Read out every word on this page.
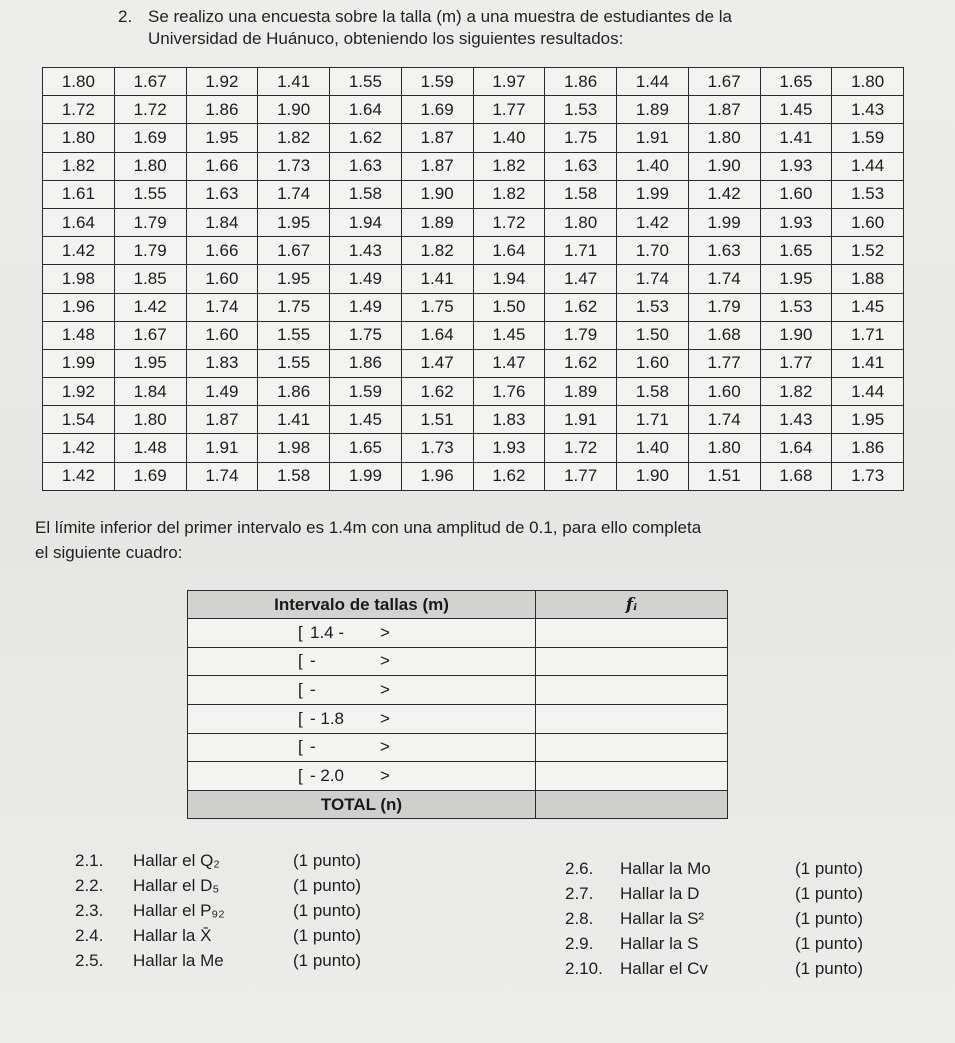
2. Se realizo una encuesta sobre la talla (m) a una muestra de estudiantes de la
Universidad de Huánuco, obteniendo los siguientes resultados:
1.80	1.67	1.92	1.41	1.55	1.59	1.97	1.86	1.44	1.67	1.65	1.80
1.72	1.72	1.86	1.90	1.64	1.69	1.77	1.53	1.89	1.87	1.45	1.43
1.80	1.69	1.95	1.82	1.62	1.87	1.40	1.75	1.91	1.80	1.41	1.59
1.82	1.80	1.66	1.73	1.63	1.87	1.82	1.63	1.40	1.90	1.93	1.44
1.61	1.55	1.63	1.74	1.58	1.90	1.82	1.58	1.99	1.42	1.60	1.53
1.64	1.79	1.84	1.95	1.94	1.89	1.72	1.80	1.42	1.99	1.93	1.60
1.42	1.79	1.66	1.67	1.43	1.82	1.64	1.71	1.70	1.63	1.65	1.52
1.98	1.85	1.60	1.95	1.49	1.41	1.94	1.47	1.74	1.74	1.95	1.88
1.96	1.42	1.74	1.75	1.49	1.75	1.50	1.62	1.53	1.79	1.53	1.45
1.48	1.67	1.60	1.55	1.75	1.64	1.45	1.79	1.50	1.68	1.90	1.71
1.99	1.95	1.83	1.55	1.86	1.47	1.47	1.62	1.60	1.77	1.77	1.41
1.92	1.84	1.49	1.86	1.59	1.62	1.76	1.89	1.58	1.60	1.82	1.44
1.54	1.80	1.87	1.41	1.45	1.51	1.83	1.91	1.71	1.74	1.43	1.95
1.42	1.48	1.91	1.98	1.65	1.73	1.93	1.72	1.40	1.80	1.64	1.86
1.42	1.69	1.74	1.58	1.99	1.96	1.62	1.77	1.90	1.51	1.68	1.73
El límite inferior del primer intervalo es 1.4m con una amplitud de 0.1, para ello completa
el siguiente cuadro:
Intervalo de tallas (m)	fᵢ
[ 1.4 - >	
[ - >	
[ - >	
[ - 1.8 >	
[ - >	
[ - 2.0 >	
TOTAL (n)	
2.1. Hallar el Q₂	(1 punto)
2.2. Hallar el D₅	(1 punto)
2.3. Hallar el P₉₂	(1 punto)
2.4. Hallar la X̄	(1 punto)
2.5. Hallar la Me	(1 punto)
2.6. Hallar la Mo	(1 punto)
2.7. Hallar la D	(1 punto)
2.8. Hallar la S²	(1 punto)
2.9. Hallar la S	(1 punto)
2.10. Hallar el Cv	(1 punto)
